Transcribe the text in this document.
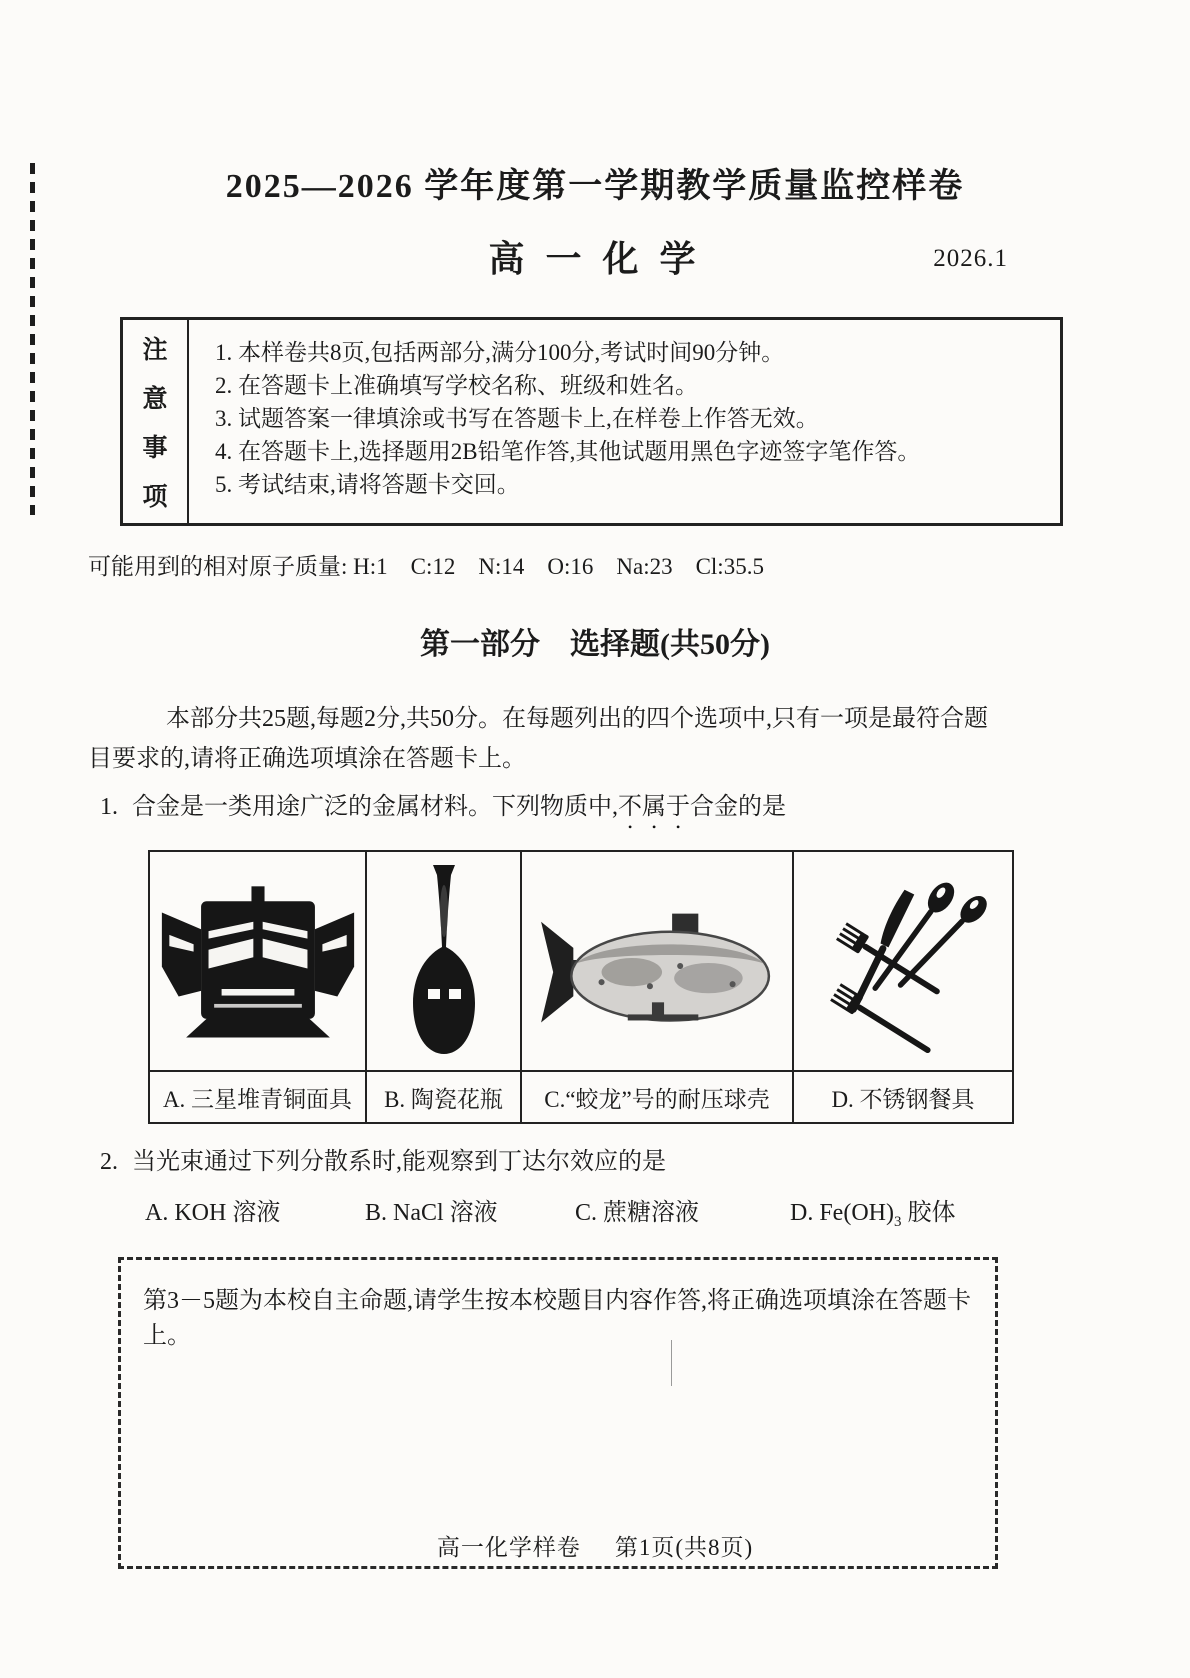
2025—2026 学年度第一学期教学质量监控样卷
高 一 化 学	2026.1
注
意
事
项
1. 本样卷共8页,包括两部分,满分100分,考试时间90分钟。
2. 在答题卡上准确填写学校名称、班级和姓名。
3. 试题答案一律填涂或书写在答题卡上,在样卷上作答无效。
4. 在答题卡上,选择题用2B铅笔作答,其他试题用黑色字迹签字笔作答。
5. 考试结束,请将答题卡交回。
可能用到的相对原子质量: H:1　C:12　N:14　O:16　Na:23　Cl:35.5
第一部分　选择题(共50分)
本部分共25题,每题2分,共50分。在每题列出的四个选项中,只有一项是最符合题
目要求的,请将正确选项填涂在答题卡上。
1. 合金是一类用途广泛的金属材料。下列物质中,不属于合金的是
A. 三星堆青铜面具	B. 陶瓷花瓶	C.“蛟龙”号的耐压球壳	D. 不锈钢餐具
2. 当光束通过下列分散系时,能观察到丁达尔效应的是
A. KOH 溶液	B. NaCl 溶液	C. 蔗糖溶液	D. $Fe(OH)_3$ 胶体
第3－5题为本校自主命题,请学生按本校题目内容作答,将正确选项填涂在答题卡上。
高一化学样卷 第1页(共8页)
